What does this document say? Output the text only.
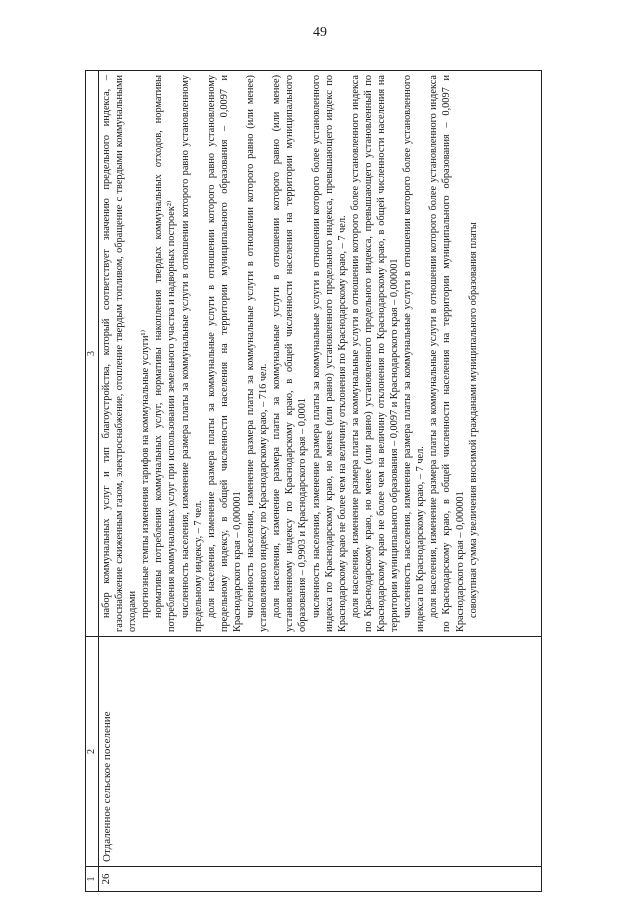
49
1
2
3
26
Отдаленное сельское поселение

набор коммунальных услуг и тип благоустройства, который соответствует значению предельного индекса, – газоснабжение сжиженным газом, электроснабжение, отопление твердым топливом, обращение с твердыми коммунальными отходами прогнозные темпы изменения тарифов на коммунальные услуги¹⁾ нормативы потребления коммунальных услуг, нормативы накопления твердых коммунальных отходов, нормативы потребления коммунальных услуг при использовании земельного участка и надворных построек²⁾ численность населения, изменение размера платы за коммунальные услуги в отношении которого равно установленному предельному индексу, – 7 чел. доля населения, изменение размера платы за коммунальные услуги в отношении которого равно установленному предельному индексу, в общей численности населения на территории муниципального образования – 0,0097 и Краснодарского края – 0,000001 численность населения, изменение размера платы за коммунальные услуги в отношении которого равно (или менее) установленного индексу по Краснодарскому краю, – 716 чел. доля населения, изменение размера платы за коммунальные услуги в отношении которого равно (или менее) установленному индексу по Краснодарскому краю, в общей численности населения на территории муниципального образования – 0,9903 и Краснодарского края – 0,0001 численность населения, изменение размера платы за коммунальные услуги в отношении которого более установленного индекса по Краснодарскому краю, но менее (или равно) установленного предельного индекса, превышающего индекс по Краснодарскому краю не более чем на величину отклонения по Краснодарскому краю, – 7 чел. доля населения, изменение размера платы за коммунальные услуги в отношении которого более установленного индекса по Краснодарскому краю, но менее (или равно) установленного предельного индекса, превышающего установленный по Краснодарскому краю не более чем на величину отклонения по Краснодарскому краю, в общей численности населения на территории муниципального образования – 0,0097 и Краснодарского края – 0,000001 численность населения, изменение размера платы за коммунальные услуги в отношении которого более установленного индекса по Краснодарскому краю, – 7 чел. доля населения, изменение размера платы за коммунальные услуги в отношении которого более установленного индекса по Краснодарскому краю, в общей численности населения на территории муниципального образования – 0,0097 и Краснодарского края – 0,000001 совокупная сумма увеличения вносимой гражданами муниципального образования платы
